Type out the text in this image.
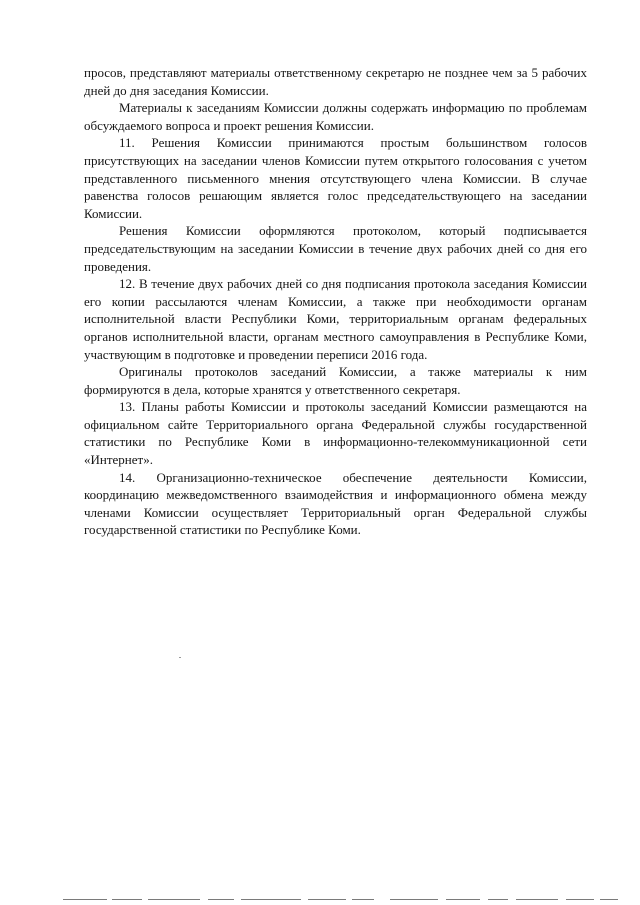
просов, представляют материалы ответственному секретарю не позднее чем за 5 рабочих дней до дня заседания Комиссии.

Материалы к заседаниям Комиссии должны содержать информацию по проблемам обсуждаемого вопроса и проект решения Комиссии.

11. Решения Комиссии принимаются простым большинством голосов присутствующих на заседании членов Комиссии путем открытого голосования с учетом представленного письменного мнения отсутствующего члена Комиссии. В случае равенства голосов решающим является голос председательствующего на заседании Комиссии.

Решения Комиссии оформляются протоколом, который подписывается председательствующим на заседании Комиссии в течение двух рабочих дней со дня его проведения.

12. В течение двух рабочих дней со дня подписания протокола заседания Комиссии его копии рассылаются членам Комиссии, а также при необходимости органам исполнительной власти Республики Коми, территориальным органам федеральных органов исполнительной власти, органам местного самоуправления в Республике Коми, участвующим в подготовке и проведении переписи 2016 года.

Оригиналы протоколов заседаний Комиссии, а также материалы к ним формируются в дела, которые хранятся у ответственного секретаря.

13. Планы работы Комиссии и протоколы заседаний Комиссии размещаются на официальном сайте Территориального органа Федеральной службы государственной статистики по Республике Коми в информационно-телекоммуникационной сети «Интернет».

14. Организационно-техническое обеспечение деятельности Комиссии, координацию межведомственного взаимодействия и информационного обмена между членами Комиссии осуществляет Территориальный орган Федеральной службы государственной статистики по Республике Коми.
